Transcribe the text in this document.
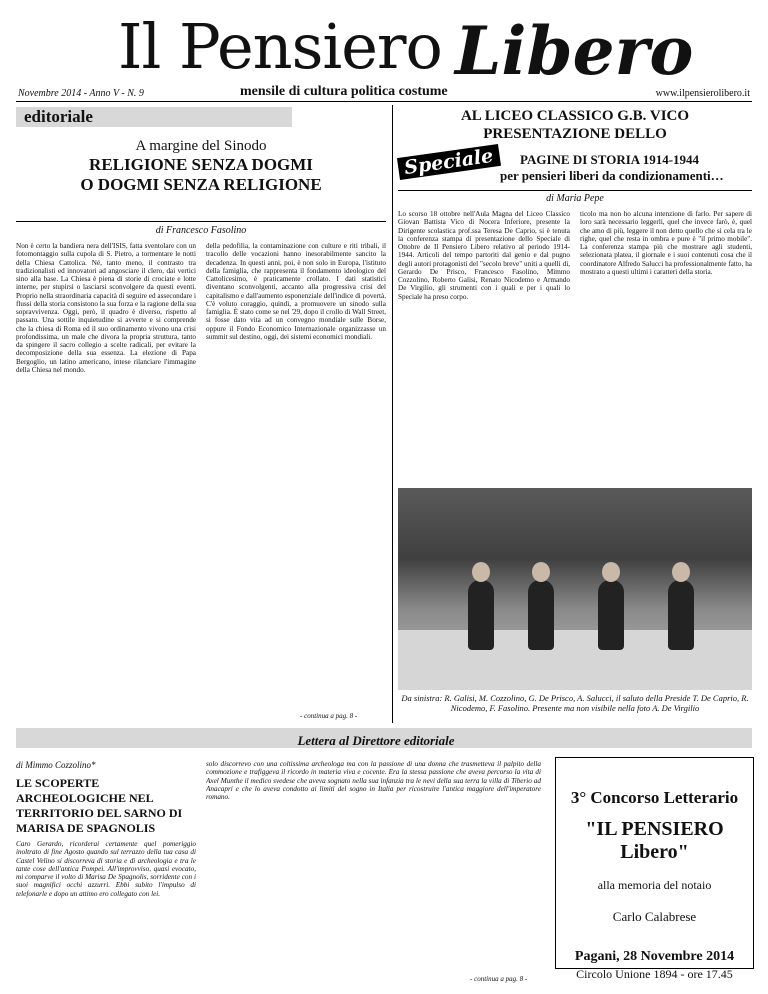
Il Pensiero Libero
Novembre 2014 - Anno V - N. 9	mensile di cultura politica costume	www.ilpensierolibero.it
editoriale
A margine del Sinodo
RELIGIONE SENZA DOGMI
O DOGMI SENZA RELIGIONE
di Francesco Fasolino
Non è certo la bandiera nera dell'ISIS, fatta sventolare con un fotomontaggio sulla cupola di S. Pietro, a tormentare le notti della Chiesa Cattolica. Né, tanto meno, il contrasto tra tradizionalisti ed innovatori ad angosciare il clero, dai vertici sino alla base. La Chiesa è piena di storie di crociate e lotte interne, per stupirsi o lasciarsi sconvolgere da questi eventi. Proprio nella straordinaria capacità di seguire ed assecondare i flussi della storia consistono la sua forza e la ragione della sua sopravvivenza. Oggi, però, il quadro è diverso, rispetto al passato. Una sottile inquietudine si avverte e si comprende che la chiesa di Roma ed il suo ordinamento vivono una crisi profondissima, un male che divora la propria struttura, tanto da spingere il sacro collegio a scelte radicali, per evitare la decomposizione della sua essenza. La elezione di Papa Bergoglio, un latino americano, intese rilanciare l'immagine della Chiesa nel mondo.
della pedofilia, la contaminazione con culture e riti tribali, il tracollo delle vocazioni hanno inesorabilmente sancito la decadenza. In questi anni, poi, è non solo in Europa, l'istituto della famiglia, che rappresenta il fondamento ideologico del Cattolicesimo, è praticamente crollato. I dati statistici diventano sconvolgenti, accanto alla progressiva crisi del capitalismo e dall'aumento esponenziale dell'indice di povertà. C'è voluto coraggio, quindi, a promuovere un sinodo sulla famiglia. È stato come se nel '29, dopo il crollo di Wall Street, si fosse dato vita ad un convegno mondiale sulle Borse, oppure il Fondo Economico Internazionale organizzasse un summit sul destino, oggi, dei sistemi economici mondiali.
- continua a pag. 8 -
AL LICEO CLASSICO G.B. VICO
PRESENTAZIONE DELLO
Speciale	PAGINE DI STORIA 1914-1944
per pensieri liberi da condizionamenti…
di Maria Pepe
Lo scorso 18 ottobre nell'Aula Magna del Liceo Classico Giovan Battista Vico di Nocera Inferiore, presente la Dirigente scolastica prof.ssa Teresa De Caprio, si è tenuta la conferenza stampa di presentazione dello Speciale di Ottobre de Il Pensiero Libero relativo al periodo 1914-1944. Articoli del tempo partoriti dal genio e dal pugno degli autori protagonisti del "secolo breve" uniti a quelli di, Gerardo De Prisco, Francesco Fasolino, Mimmo Cozzolino, Roberto Galisi, Renato Nicodemo e Armando De Virgilio, gli strumenti con i quali e per i quali lo Speciale ha preso corpo.
ticolo ma non ho alcuna intenzione di farlo. Per sapere di loro sarà necessario leggerli, quel che invece farò, è, quel che amo di più, leggere il non detto quello che si cela tra le righe, quel che resta in ombra e pure è "il primo mobile". La conferenza stampa più che mostrare agli studenti, selezionata platea, il giornale e i suoi contenuti cosa che il coordinatore Alfredo Salucci ha professionalmente fatto, ha mostrato a questi ultimi i caratteri della storia.
Da sinistra: R. Galisi, M. Cozzolino, G. De Prisco, A. Salucci, il saluto della Preside T. De Caprio, R. Nicodemo, F. Fasolino. Presente ma non visibile nella foto A. De Virgilio
Lettera al Direttore editoriale
di Mimmo Cozzolino*
LE SCOPERTE ARCHEOLOGICHE NEL TERRITORIO DEL SARNO DI MARISA DE SPAGNOLIS
Caro Gerardo, ricorderai certamente quel pomeriggio inoltrato di fine Agosto quando sul terrazzo della tua casa di Castel Velino si discorreva di storia e di archeologia e tra le tante cose dell'antica Pompei. All'improvviso, quasi evocato, mi comparve il volto di Marisa De Spagnolis, sorridente con i suoi magnifici occhi azzurri. Ebbi subito l'impulso di telefonarle e dopo un attimo ero collegato con lei.
solo discorrevo con una coltissima archeologa ma con la passione di una donna che trasmetteva il palpito della commozione e trafiggeva il ricordo in materia viva e cocente. Era la stessa passione che aveva percorso la vita di Axel Munthe il medico svedese che aveva sognato nella sua infanzia tra le nevi della sua terra la villa di Tiberio ad Anacapri e che lo aveva condotto ai limiti del sogno in Italia per ricostruire l'antica maggiore dell'imperatore romano.
- continua a pag. 8 -
3° Concorso Letterario
"IL PENSIERO Libero"
alla memoria del notaio
Carlo Calabrese
Pagani, 28 Novembre 2014
Circolo Unione 1894 - ore 17.45
